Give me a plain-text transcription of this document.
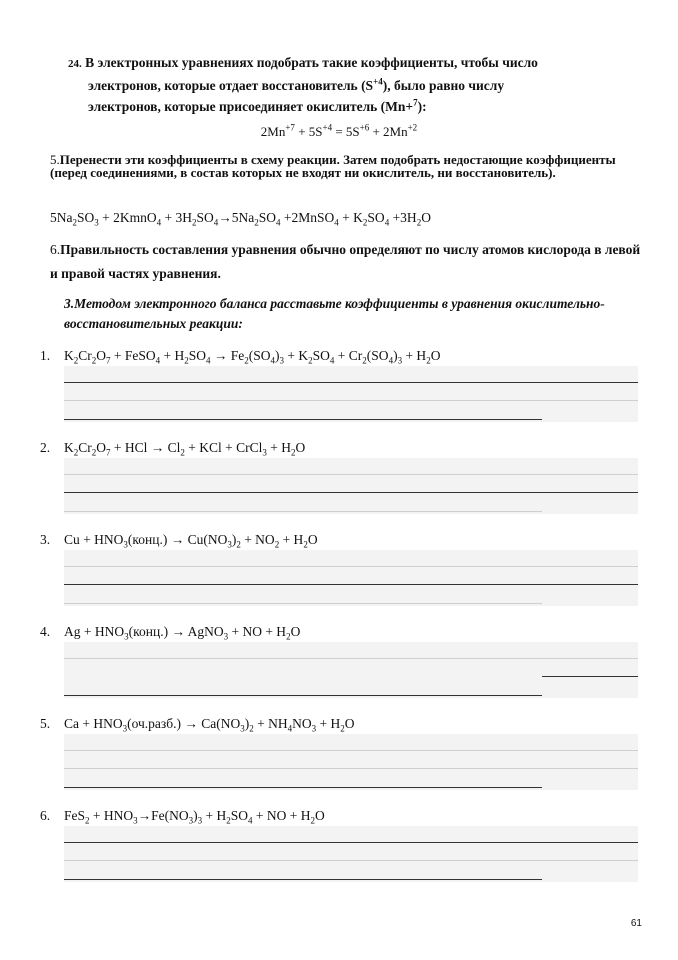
24. В электронных уравнениях подобрать такие коэффициенты, чтобы число
электронов, которые отдает восстановитель $(S^{+4})$, было равно числу
электронов, которые присоединяет окислитель (Mn+$^7$):
$2Mn^{+7} + 5S^{+4} = 5S^{+6} + 2Mn^{+2}$
5.Перенести эти коэффициенты в схему реакции. Затем подобрать недостающие коэффициенты (перед соединениями, в состав которых не входят ни окислитель, ни восстановитель).
$5Na_2SO_3$ + 2KmnO$_4$ + $3H_2SO_4\to 5Na_2SO_4$ +2MnSO$_4$ + $K_2SO_4 +3H_2O$
6.Правильность составления уравнения обычно определяют по числу атомов кислорода в левой и правой частях уравнения.
3.Методом электронного баланса расставьте коэффициенты в уравнения окислительно-восстановительных реакции:
1. $K_2Cr_2O_7$ + FeSO$_4$ + $H_2SO_4 \to Fe_2(SO_4)_3 + K_2SO_4 + Cr_2(SO_4)_3 + H_2O$
2. $K_2Cr_2O_7$ + HCl → $Cl_2$ + KCl + CrCl$_3$ + $H_2O$
3. $Cu + HNO_3(конц.) \to Cu(NO_3)_2 + NO_2 + H_2O$
4. $Ag + HNO_3(конц.)$ → AgNO$_3$ + NO + $H_2O$
5. $Ca + HNO_3(оч.разб.) \to Ca(NO_3)_2 + NH_4NO_3 + H_2O$
6. $FeS_2 + HNO_3\to Fe(NO_3)_3 + H_2SO_4$ + NO + $H_2O$
61
